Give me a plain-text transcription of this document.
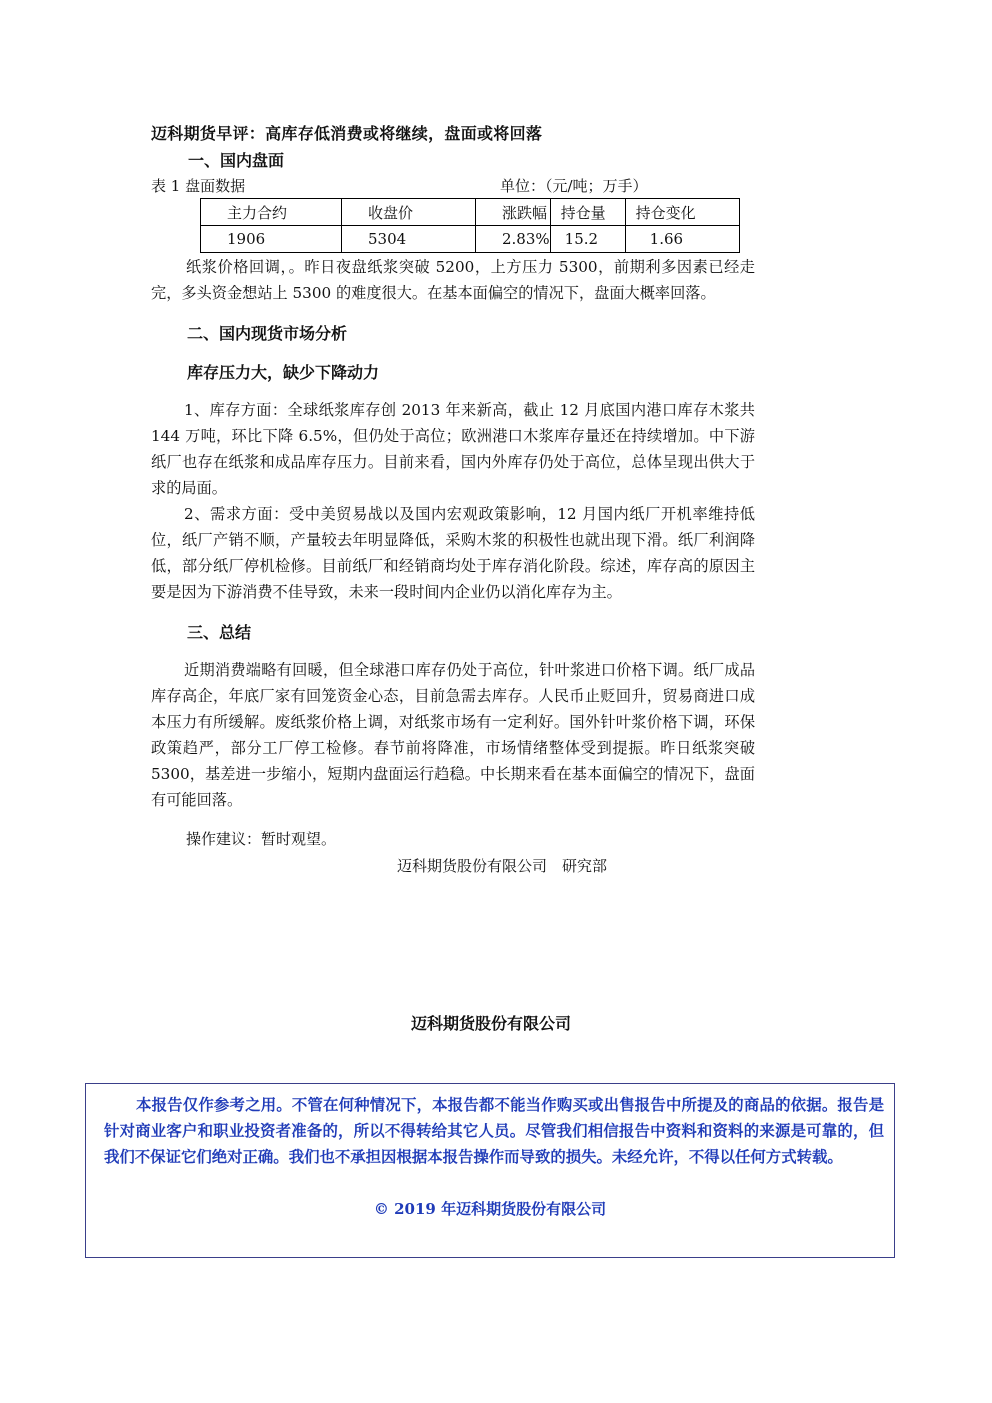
迈科期货早评：高库存低消费或将继续，盘面或将回落
一、国内盘面
表 1 盘面数据	单位：（元/吨；万手）
主力合约	收盘价	涨跌幅	持仓量	持仓变化
1906	5304	2.83%	15.2	1.66
纸浆价格回调，。昨日夜盘纸浆突破 5200，上方压力 5300，前期利多因素已经走完，多头资金想站上 5300 的难度很大。在基本面偏空的情况下，盘面大概率回落。
二、国内现货市场分析
库存压力大，缺少下降动力
1、库存方面：全球纸浆库存创 2013 年来新高，截止 12 月底国内港口库存木浆共 144 万吨，环比下降 6.5%，但仍处于高位；欧洲港口木浆库存量还在持续增加。中下游纸厂也存在纸浆和成品库存压力。目前来看，国内外库存仍处于高位，总体呈现出供大于求的局面。
2、需求方面：受中美贸易战以及国内宏观政策影响，12 月国内纸厂开机率维持低位，纸厂产销不顺，产量较去年明显降低，采购木浆的积极性也就出现下滑。纸厂利润降低，部分纸厂停机检修。目前纸厂和经销商均处于库存消化阶段。综述，库存高的原因主要是因为下游消费不佳导致，未来一段时间内企业仍以消化库存为主。
三、总结
近期消费端略有回暖，但全球港口库存仍处于高位，针叶浆进口价格下调。纸厂成品库存高企，年底厂家有回笼资金心态，目前急需去库存。人民币止贬回升，贸易商进口成本压力有所缓解。废纸浆价格上调，对纸浆市场有一定利好。国外针叶浆价格下调，环保政策趋严，部分工厂停工检修。春节前将降准，市场情绪整体受到提振。昨日纸浆突破 5300，基差进一步缩小，短期内盘面运行趋稳。中长期来看在基本面偏空的情况下，盘面有可能回落。
操作建议：暂时观望。
迈科期货股份有限公司　研究部
迈科期货股份有限公司
本报告仅作参考之用。不管在何种情况下，本报告都不能当作购买或出售报告中所提及的商品的依据。报告是针对商业客户和职业投资者准备的，所以不得转给其它人员。尽管我们相信报告中资料和资料的来源是可靠的，但我们不保证它们绝对正确。我们也不承担因根据本报告操作而导致的损失。未经允许，不得以任何方式转载。
© 2019 年迈科期货股份有限公司
